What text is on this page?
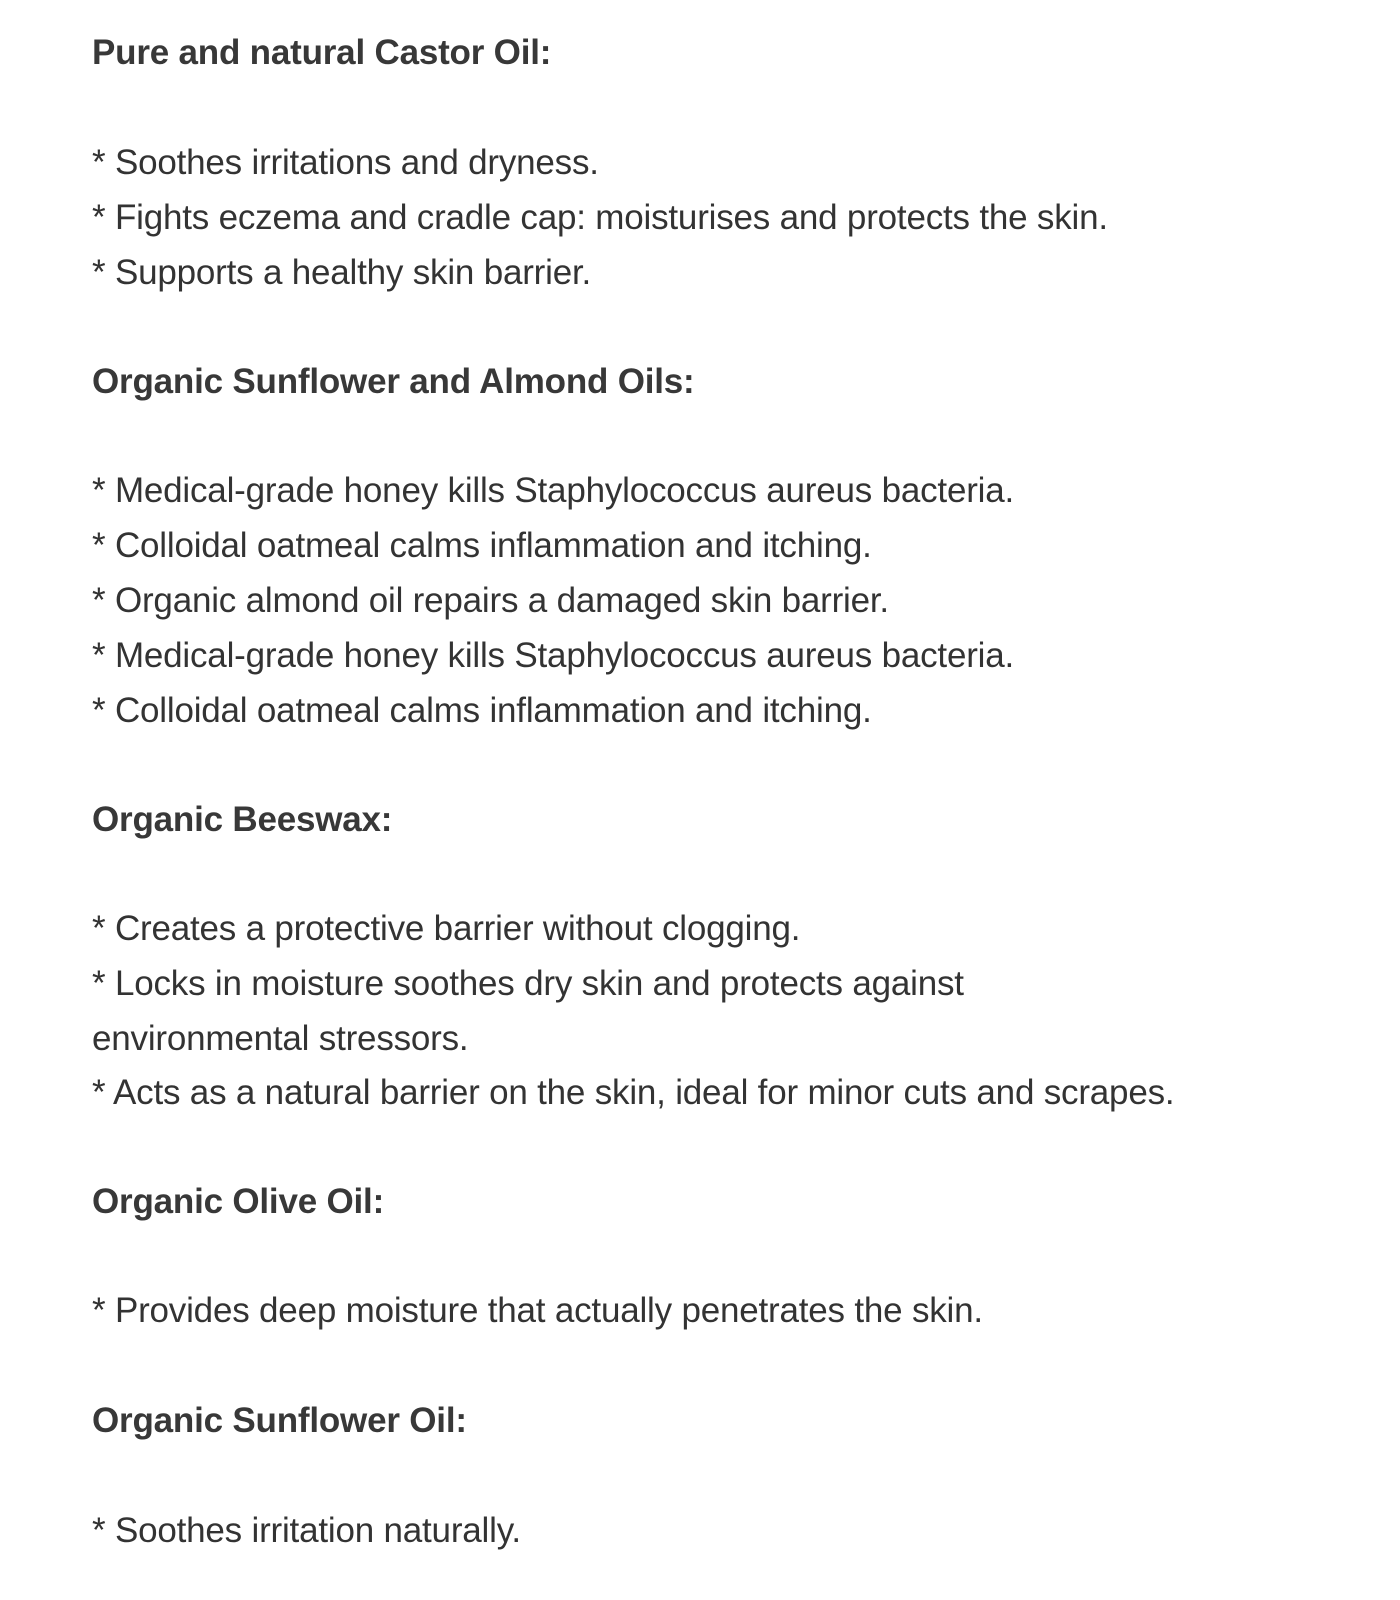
Pure and natural Castor Oil:
* Soothes irritations and dryness.
* Fights eczema and cradle cap: moisturises and protects the skin.
* Supports a healthy skin barrier.
Organic Sunflower and Almond Oils:
* Medical-grade honey kills Staphylococcus aureus bacteria.
* Colloidal oatmeal calms inflammation and itching.
* Organic almond oil repairs a damaged skin barrier.
* Medical-grade honey kills Staphylococcus aureus bacteria.
* Colloidal oatmeal calms inflammation and itching.
Organic Beeswax:
* Creates a protective barrier without clogging.
* Locks in moisture soothes dry skin and protects against
environmental stressors.
* Acts as a natural barrier on the skin, ideal for minor cuts and scrapes.
Organic Olive Oil:
* Provides deep moisture that actually penetrates the skin.
Organic Sunflower Oil:
* Soothes irritation naturally.
